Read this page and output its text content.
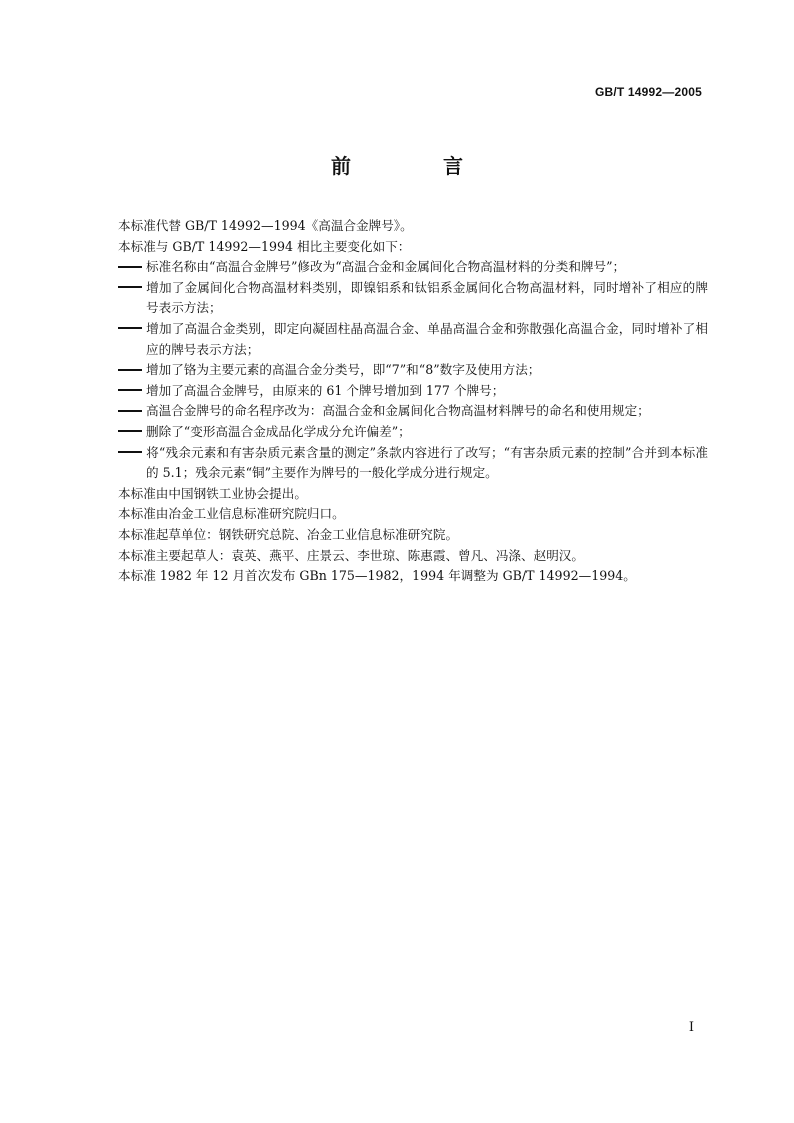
GB/T 14992—2005
前　言

本标准代替 GB/T 14992—1994《高温合金牌号》。

本标准与 GB/T 14992—1994 相比主要变化如下：

标准名称由“高温合金牌号”修改为“高温合金和金属间化合物高温材料的分类和牌号”；

增加了金属间化合物高温材料类别，即镍铝系和钛铝系金属间化合物高温材料，同时增补了相应的牌号表示方法；

增加了高温合金类别，即定向凝固柱晶高温合金、单晶高温合金和弥散强化高温合金，同时增补了相应的牌号表示方法；

增加了铬为主要元素的高温合金分类号，即“7”和“8”数字及使用方法；

增加了高温合金牌号，由原来的 61 个牌号增加到 177 个牌号；

高温合金牌号的命名程序改为：高温合金和金属间化合物高温材料牌号的命名和使用规定；

删除了“变形高温合金成品化学成分允许偏差”；

将“残余元素和有害杂质元素含量的测定”条款内容进行了改写；“有害杂质元素的控制”合并到本标准的 5.1；残余元素“铜”主要作为牌号的一般化学成分进行规定。

本标准由中国钢铁工业协会提出。

本标准由冶金工业信息标准研究院归口。

本标准起草单位：钢铁研究总院、冶金工业信息标准研究院。

本标准主要起草人：袁英、燕平、庄景云、李世琼、陈惠霞、曾凡、冯涤、赵明汉。

本标准 1982 年 12 月首次发布 GBn 175—1982，1994 年调整为 GB/T 14992—1994。

I
